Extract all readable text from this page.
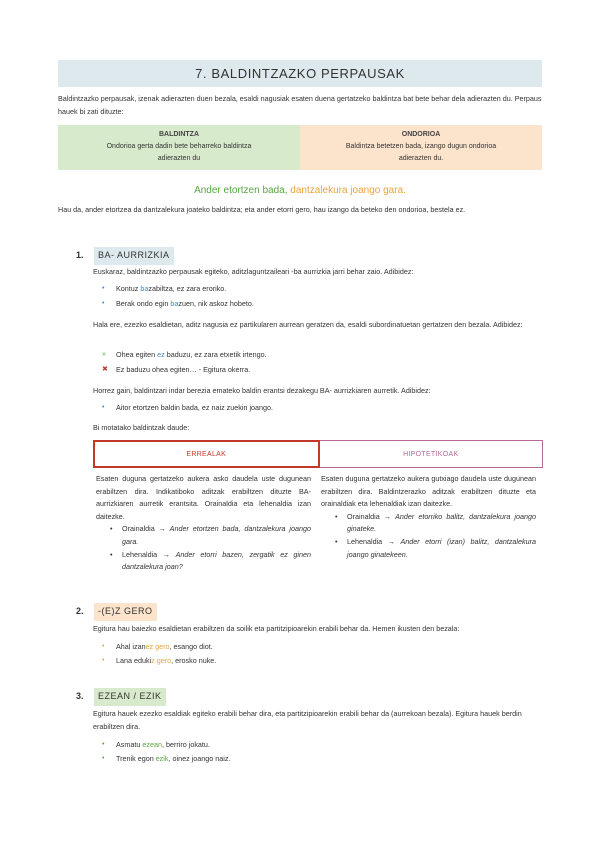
7. BALDINTZAZKO PERPAUSAK
Baldintzazko perpausak, izenak adierazten duen bezala, esaldi nagusiak esaten duena gertatzeko baldintza bat bete behar dela adierazten du. Perpaus hauek bi zati dituzte:
BALDINTZA
Ondorioa gerta dadin bete beharreko baldintza adierazten du
ONDORIOA
Baldintza betetzen bada, izango dugun ondorioa adierazten du.
Ander etortzen bada, dantzalekura joango gara.
Hau da, ander etortzea da dantzalekura joateko baldintza; eta ander etorri gero, hau izango da beteko den ondorioa, bestela ez.
1.	BA- AURRIZKIA
Euskaraz, baldintzazko perpausak egiteko, aditzlaguntzaileari -ba aurrizkia jarri behar zaio. Adibidez:
• Kontuz bazabiltza, ez zara eroriko.
• Berak ondo egin bazuen, nik askoz hobeto.
Hala ere, ezezko esaldietan, aditz nagusia ez partikularen aurrean geratzen da, esaldi subordinatuetan gertatzen den bezala. Adibidez:
» Ohea egiten ez baduzu, ez zara etxetik irtengo.
✖ Ez baduzu ohea egiten… - Egitura okerra.
Horrez gain, baldintzari indar berezia emateko baldin erantsi dezakegu BA- aurrizkiaren aurretik. Adibidez:
• Aitor etortzen baldin bada, ez naiz zuekin joango.
Bi motatako baldintzak daude:
ERREALAK	HIPOTETIKOAK
Esaten duguna gertatzeko aukera asko daudela uste dugunean erabiltzen dira. Indikatiboko aditzak erabiltzen dituzte BA- aurrizkiaren aurretik erantsita. Orainaldia eta lehenaldia izan daitezke.
• Orainaldia → Ander etortzen bada, dantzalekura joango gara.
• Lehenaldia → Ander etorri bazen, zergatik ez ginen dantzalekura joan?
Esaten duguna gertatzeko aukera gutxiago daudela uste dugunean erabiltzen dira. Baldintzerazko aditzak erabiltzen dituzte eta orainaldiak eta lehenaldiak izan daitezke.
• Orainaldia → Ander etorriko balitz, dantzalekura joango ginateke.
• Lehenaldia → Ander etorri (izan) balitz, dantzalekura joango ginatekeen.
2.	-(E)Z GERO
Egitura hau baiezko esaldietan erabiltzen da soilik eta partitzipioarekin erabili behar da. Hemen ikusten den bezala:
• Ahal izanez gero, esango diot.
• Lana edukiz gero, eroskо nuke.
3.	EZEAN / EZIK
Egitura hauek ezezko esaldiak egiteko erabili behar dira, eta partitzipioarekin erabili behar da (aurrekoan bezala). Egitura hauek berdin erabiltzen dira.
• Asmatu ezean, berriro jokatu.
• Trenik egon ezik, oinez joango naiz.
